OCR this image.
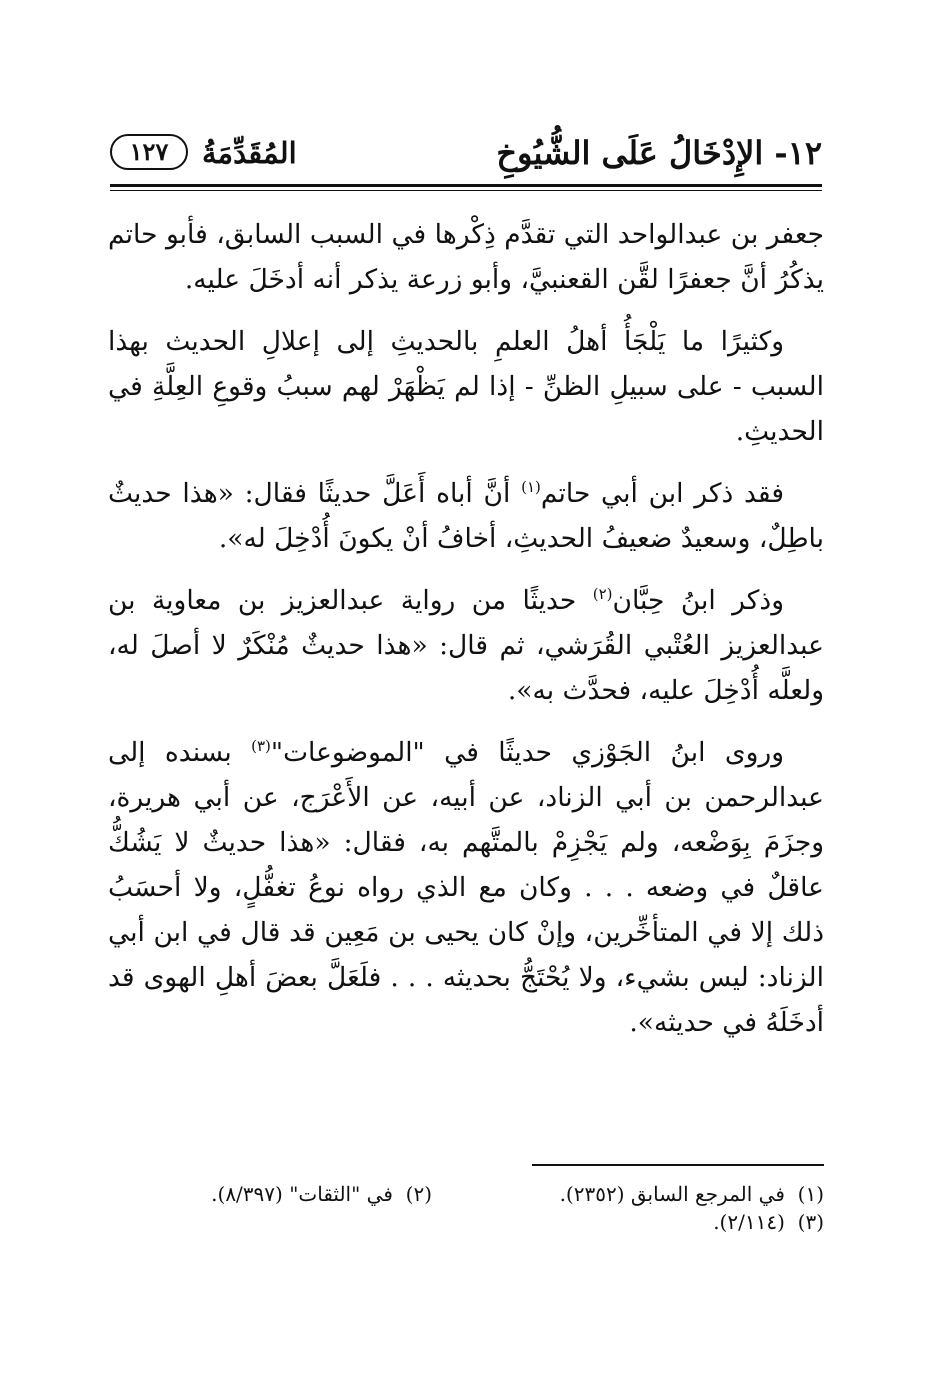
١٢- الإِدْخَالُ عَلَى الشُّيُوخِ
المُقَدِّمَةُ
١٢٧

جعفر بن عبدالواحد التي تقدَّم ذِكْرها في السبب السابق، فأبو حاتم يذكُرُ أنَّ جعفرًا لقَّن القعنبيَّ، وأبو زرعة يذكر أنه أدخَلَ عليه.

وكثيرًا ما يَلْجَأُ أهلُ العلمِ بالحديثِ إلى إعلالِ الحديث بهذا السبب - على سبيلِ الظنِّ - إذا لم يَظْهَرْ لهم سببُ وقوعِ العِلَّةِ في الحديثِ.

فقد ذكر ابن أبي حاتم$^{(١)}$ أنَّ أباه أَعَلَّ حديثًا فقال: «هذا حديثٌ باطِلٌ، وسعيدٌ ضعيفُ الحديثِ، أخافُ أنْ يكونَ أُدْخِلَ له».

وذكر ابنُ حِبَّان$^{(٢)}$ حديثًا من رواية عبدالعزيز بن معاوية بن عبدالعزيز العُتْبي القُرَشي، ثم قال: «هذا حديثٌ مُنْكَرٌ لا أصلَ له، ولعلَّه أُدْخِلَ عليه، فحدَّث به».

وروى ابنُ الجَوْزي حديثًا في "الموضوعات"$^{(٣)}$ بسنده إلى عبدالرحمن بن أبي الزناد، عن أبيه، عن الأَعْرَج، عن أبي هريرة، وجزَمَ بِوَضْعه، ولم يَجْزِمْ بالمتَّهم به، فقال: «هذا حديثٌ لا يَشُكُّ عاقلٌ في وضعه . . . وكان مع الذي رواه نوعُ تغفُّلٍ، ولا أحسَبُ ذلك إلا في المتأخِّرين، وإنْ كان يحيى بن مَعِين قد قال في ابن أبي الزناد: ليس بشيء، ولا يُحْتَجُّ بحديثه . . . فلَعَلَّ بعضَ أهلِ الهوى قد أدخَلَهُ في حديثه».

(١)  في المرجع السابق (٢٣٥٢).
(٢)  في "الثقات" (٨/٣٩٧).
(٣)  (٢/١١٤).
